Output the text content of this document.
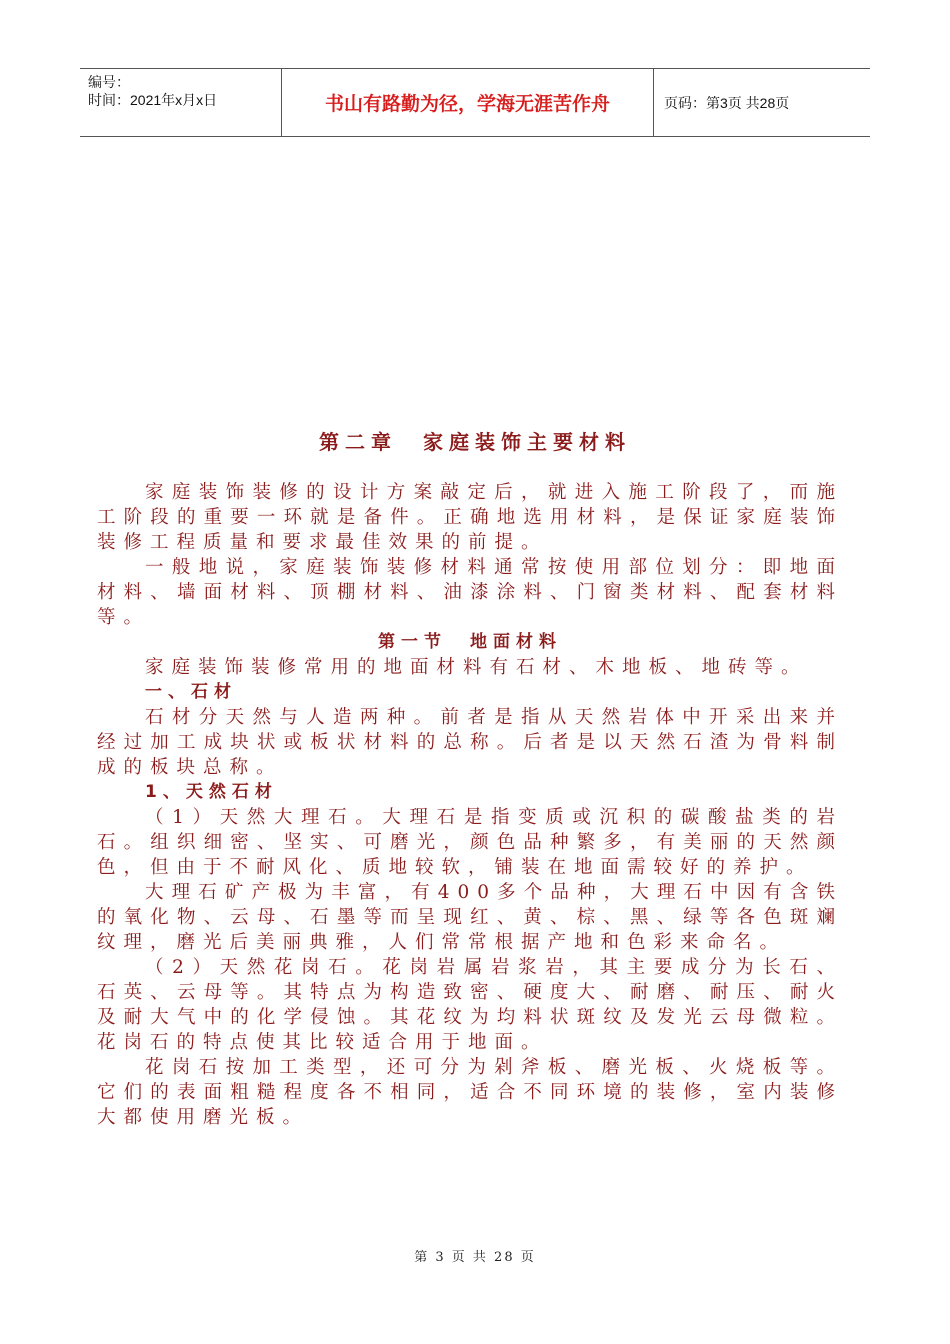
编号：
时间：2021年x月x日	书山有路勤为径，学海无涯苦作舟	页码：第3页 共28页
第二章　家庭装饰主要材料

家庭装饰装修的设计方案敲定后，就进入施工阶段了，而施工阶段的重要一环就是备件。正确地选用材料，是保证家庭装饰装修工程质量和要求最佳效果的前提。

一般地说，家庭装饰装修材料通常按使用部位划分：即地面材料、墙面材料、顶棚材料、油漆涂料、门窗类材料、配套材料等。

第一节　地面材料

家庭装饰装修常用的地面材料有石材、木地板、地砖等。

一、石材

石材分天然与人造两种。前者是指从天然岩体中开采出来并经过加工成块状或板状材料的总称。后者是以天然石渣为骨料制成的板块总称。

1、天然石材

（1）天然大理石。大理石是指变质或沉积的碳酸盐类的岩石。组织细密、坚实、可磨光，颜色品种繁多，有美丽的天然颜色，但由于不耐风化、质地较软，铺装在地面需较好的养护。

大理石矿产极为丰富，有400多个品种，大理石中因有含铁的氧化物、云母、石墨等而呈现红、黄、棕、黑、绿等各色斑斓纹理，磨光后美丽典雅，人们常常根据产地和色彩来命名。

（2）天然花岗石。花岗岩属岩浆岩，其主要成分为长石、石英、云母等。其特点为构造致密、硬度大、耐磨、耐压、耐火及耐大气中的化学侵蚀。其花纹为均料状斑纹及发光云母微粒。花岗石的特点使其比较适合用于地面。

花岗石按加工类型，还可分为剁斧板、磨光板、火烧板等。它们的表面粗糙程度各不相同，适合不同环境的装修，室内装修大都使用磨光板。

第 3 页 共 28 页
